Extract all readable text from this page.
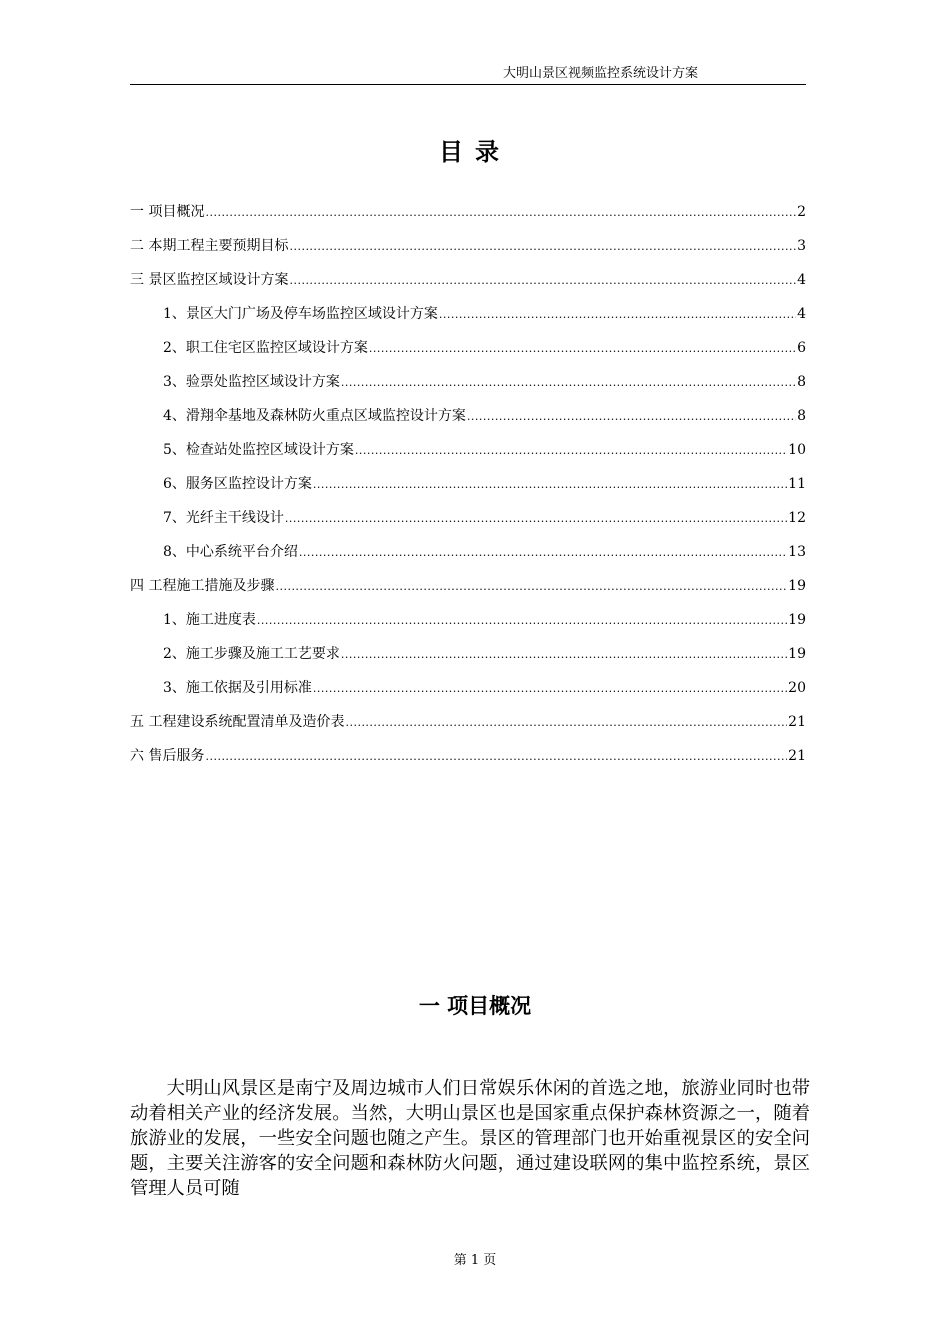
大明山景区视频监控系统设计方案
目录
一 项目概况 .....	2
二 本期工程主要预期目标 .....	3
三 景区监控区域设计方案 .....	4
1、景区大门广场及停车场监控区域设计方案 .....	4
2、职工住宅区监控区域设计方案 .....	6
3、验票处监控区域设计方案 .....	8
4、滑翔伞基地及森林防火重点区域监控设计方案 .....	8
5、检查站处监控区域设计方案 .....	10
6、服务区监控设计方案 .....	11
7、光纤主干线设计 .....	12
8、中心系统平台介绍 .....	13
四 工程施工措施及步骤 .....	19
1、施工进度表 .....	19
2、施工步骤及施工工艺要求 .....	19
3、施工依据及引用标准 .....	20
五 工程建设系统配置清单及造价表 .....	21
六 售后服务 .....	21
一 项目概况

大明山风景区是南宁及周边城市人们日常娱乐休闲的首选之地，旅游业同时也带动着相关产业的经济发展。当然，大明山景区也是国家重点保护森林资源之一，随着旅游业的发展，一些安全问题也随之产生。景区的管理部门也开始重视景区的安全问题，主要关注游客的安全问题和森林防火问题，通过建设联网的集中监控系统，景区管理人员可随

第 1 页
